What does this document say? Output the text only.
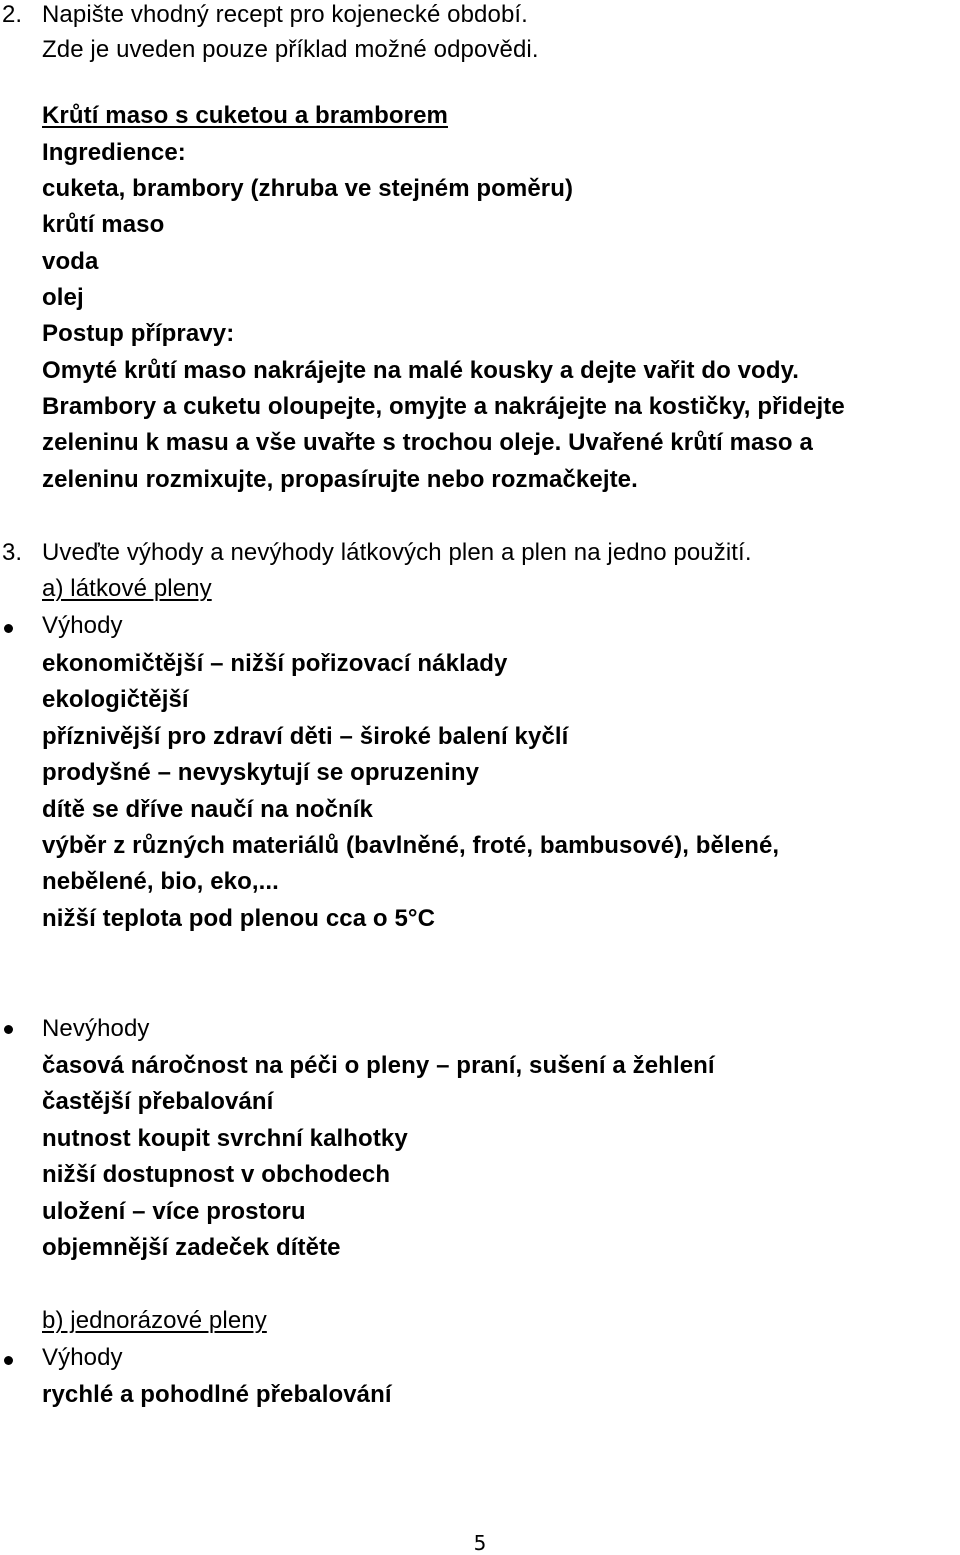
2. Napište vhodný recept pro kojenecké období.
Zde je uveden pouze příklad možné odpovědi.
Krůtí maso s cuketou a bramborem
Ingredience:
cuketa, brambory (zhruba ve stejném poměru)
krůtí maso
voda
olej
Postup přípravy:
Omyté krůtí maso nakrájejte na malé kousky a dejte vařit do vody.
Brambory a cuketu oloupejte, omyjte a nakrájejte na kostičky, přidejte
zeleninu k masu a vše uvařte s trochou oleje. Uvařené krůtí maso a
zeleninu rozmixujte, propasírujte nebo rozmačkejte.
3. Uveďte výhody a nevýhody látkových plen a plen na jedno použití.
a) látkové pleny
Výhody
ekonomičtější – nižší pořizovací náklady
ekologičtější
příznivější pro zdraví děti – široké balení kyčlí
prodyšné – nevyskytují se opruzeniny
dítě se dříve naučí na nočník
výběr z různých materiálů (bavlněné, froté, bambusové), bělené,
nebělené, bio, eko,...
nižší teplota pod plenou cca o 5°C
Nevýhody
časová náročnost na péči o pleny – praní, sušení a žehlení
častější přebalování
nutnost koupit svrchní kalhotky
nižší dostupnost v obchodech
uložení – více prostoru
objemnější zadeček dítěte
b) jednorázové pleny
Výhody
rychlé a pohodlné přebalování
5
